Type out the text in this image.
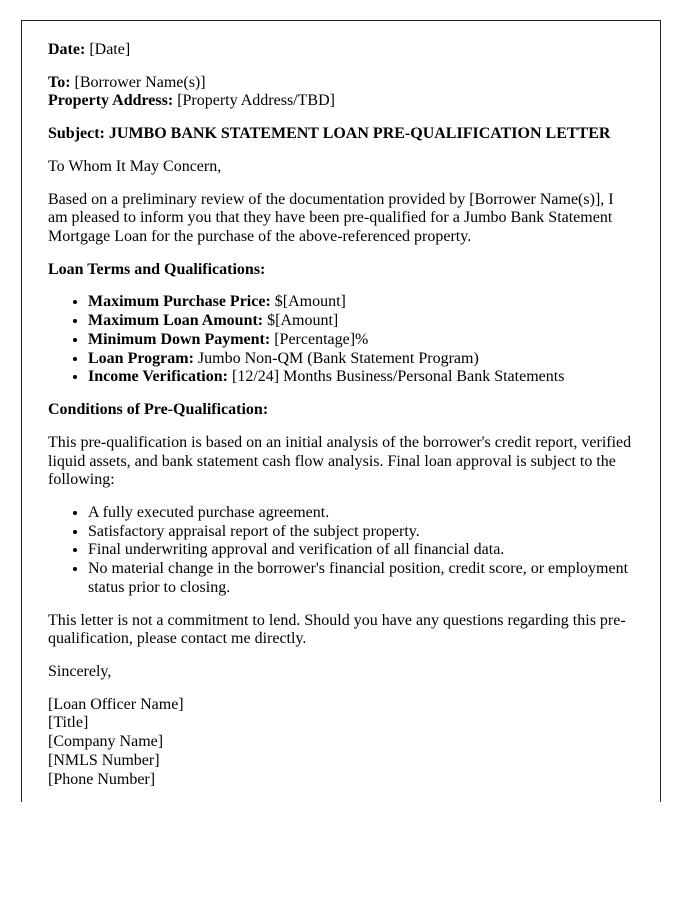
Date: [Date]

To: [Borrower Name(s)]
Property Address: [Property Address/TBD]

Subject: JUMBO BANK STATEMENT LOAN PRE-QUALIFICATION LETTER

To Whom It May Concern,

Based on a preliminary review of the documentation provided by [Borrower Name(s)], I am pleased to inform you that they have been pre-qualified for a Jumbo Bank Statement Mortgage Loan for the purchase of the above-referenced property.

Loan Terms and Qualifications:

• Maximum Purchase Price: $[Amount]
• Maximum Loan Amount: $[Amount]
• Minimum Down Payment: [Percentage]%
• Loan Program: Jumbo Non-QM (Bank Statement Program)
• Income Verification: [12/24] Months Business/Personal Bank Statements

Conditions of Pre-Qualification:

This pre-qualification is based on an initial analysis of the borrower's credit report, verified liquid assets, and bank statement cash flow analysis. Final loan approval is subject to the following:

• A fully executed purchase agreement.
• Satisfactory appraisal report of the subject property.
• Final underwriting approval and verification of all financial data.
• No material change in the borrower's financial position, credit score, or employment status prior to closing.

This letter is not a commitment to lend. Should you have any questions regarding this pre-qualification, please contact me directly.

Sincerely,

[Loan Officer Name]
[Title]
[Company Name]
[NMLS Number]
[Phone Number]
